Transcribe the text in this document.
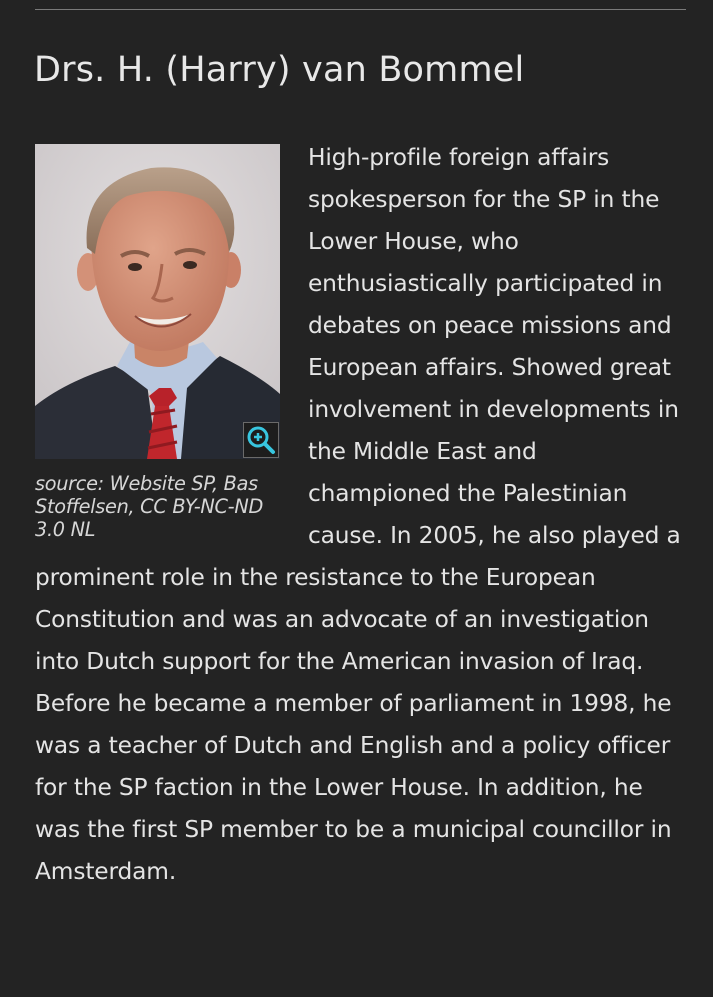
Drs. H. (Harry) van Bommel
source: Website SP, Bas Stoffelsen, CC BY-NC-ND 3.0 NL

High-profile foreign affairs spokesperson for the SP in the Lower House, who enthusiastically participated in debates on peace missions and European affairs. Showed great involvement in developments in the Middle East and championed the Palestinian cause. In 2005, he also played a prominent role in the resistance to the European Constitution and was an advocate of an investigation into Dutch support for the American invasion of Iraq. Before he became a member of parliament in 1998, he was a teacher of Dutch and English and a policy officer for the SP faction in the Lower House. In addition, he was the first SP member to be a municipal councillor in Amsterdam.
